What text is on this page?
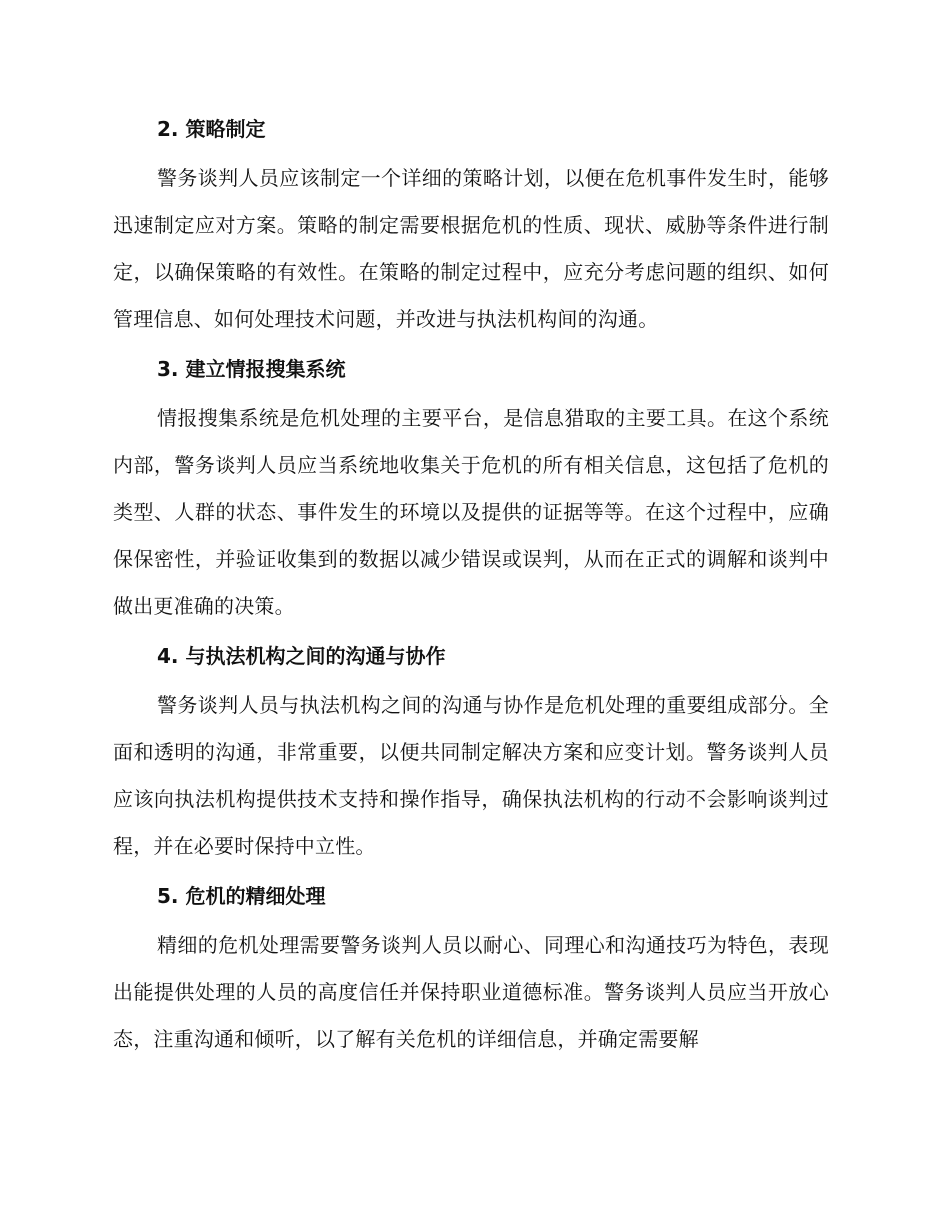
2. 策略制定

警务谈判人员应该制定一个详细的策略计划，以便在危机事件发生时，能够迅速制定应对方案。策略的制定需要根据危机的性质、现状、威胁等条件进行制定，以确保策略的有效性。在策略的制定过程中，应充分考虑问题的组织、如何管理信息、如何处理技术问题，并改进与执法机构间的沟通。

3. 建立情报搜集系统

情报搜集系统是危机处理的主要平台，是信息猎取的主要工具。在这个系统内部，警务谈判人员应当系统地收集关于危机的所有相关信息，这包括了危机的类型、人群的状态、事件发生的环境以及提供的证据等等。在这个过程中，应确保保密性，并验证收集到的数据以减少错误或误判，从而在正式的调解和谈判中做出更准确的决策。

4. 与执法机构之间的沟通与协作

警务谈判人员与执法机构之间的沟通与协作是危机处理的重要组成部分。全面和透明的沟通，非常重要，以便共同制定解决方案和应变计划。警务谈判人员应该向执法机构提供技术支持和操作指导，确保执法机构的行动不会影响谈判过程，并在必要时保持中立性。

5. 危机的精细处理

精细的危机处理需要警务谈判人员以耐心、同理心和沟通技巧为特色，表现出能提供处理的人员的高度信任并保持职业道德标准。警务谈判人员应当开放心态，注重沟通和倾听，以了解有关危机的详细信息，并确定需要解
